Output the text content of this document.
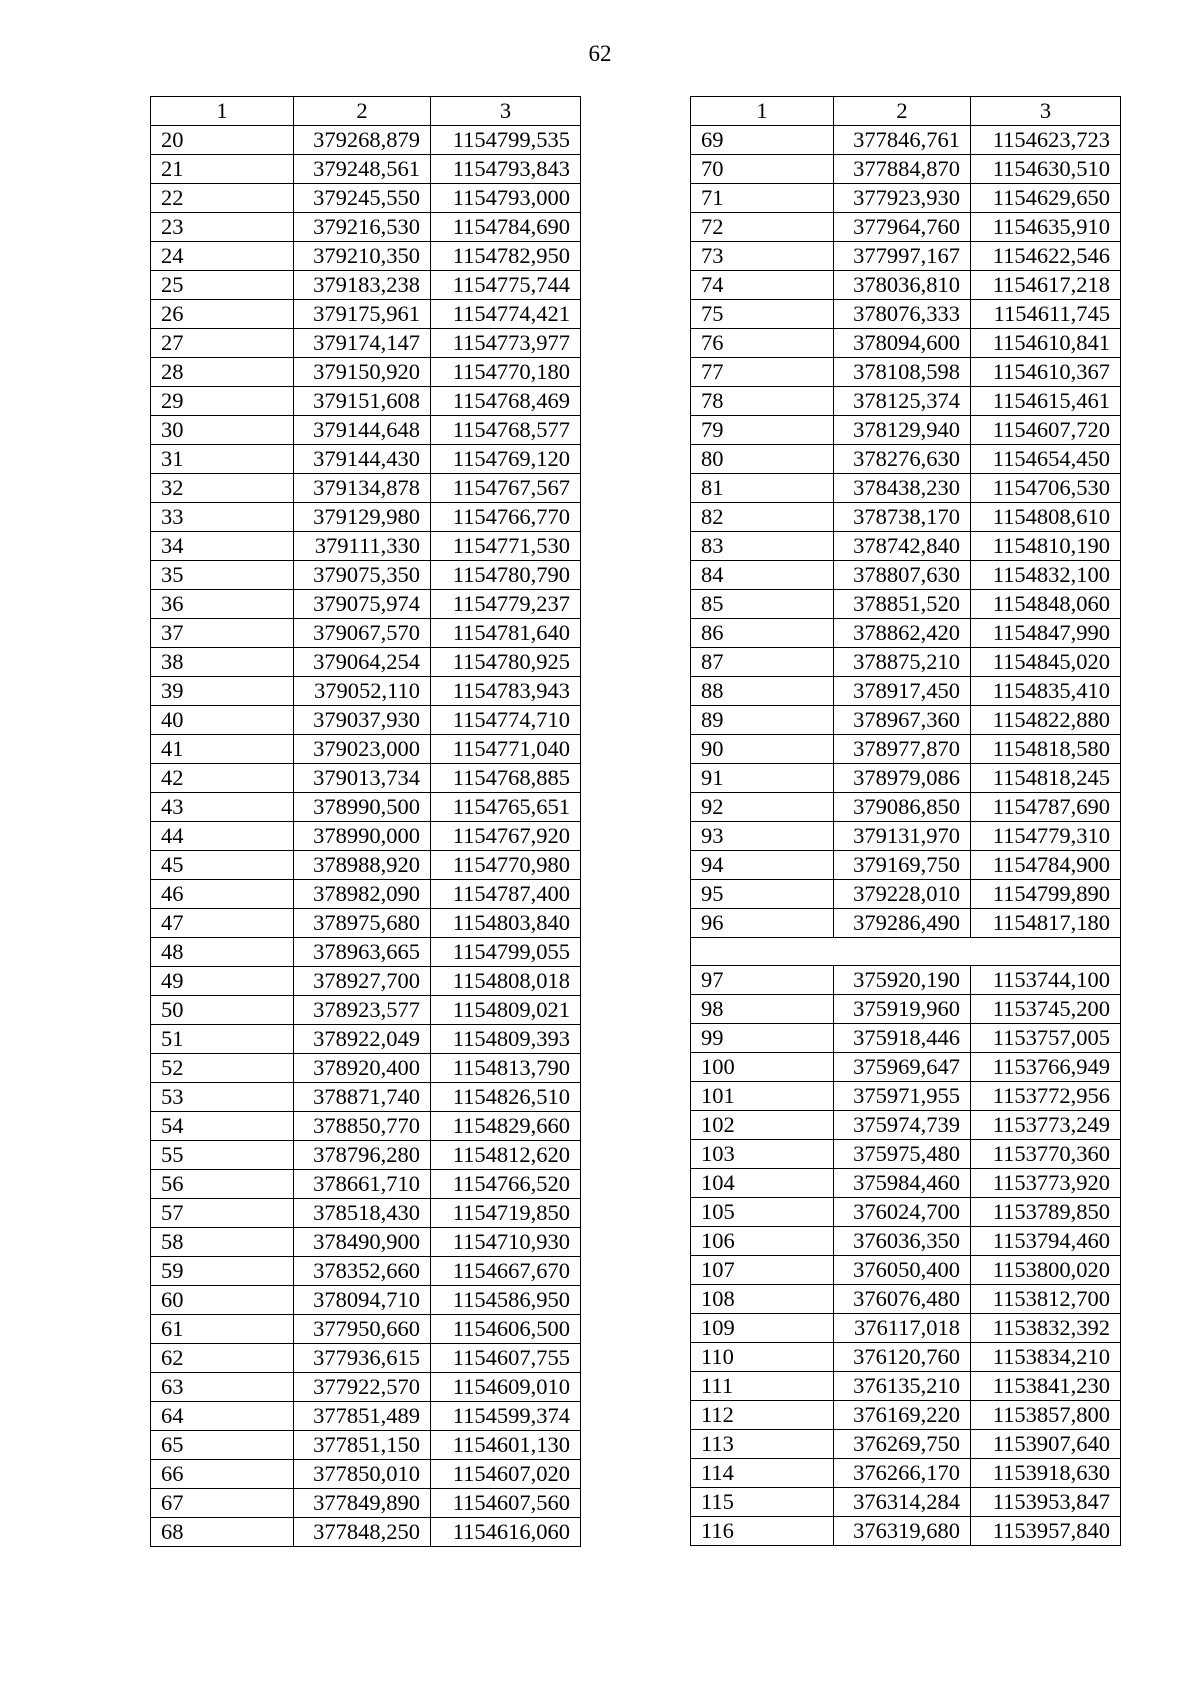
62
1	2	3
20	379268,879	1154799,535
21	379248,561	1154793,843
22	379245,550	1154793,000
23	379216,530	1154784,690
24	379210,350	1154782,950
25	379183,238	1154775,744
26	379175,961	1154774,421
27	379174,147	1154773,977
28	379150,920	1154770,180
29	379151,608	1154768,469
30	379144,648	1154768,577
31	379144,430	1154769,120
32	379134,878	1154767,567
33	379129,980	1154766,770
34	379111,330	1154771,530
35	379075,350	1154780,790
36	379075,974	1154779,237
37	379067,570	1154781,640
38	379064,254	1154780,925
39	379052,110	1154783,943
40	379037,930	1154774,710
41	379023,000	1154771,040
42	379013,734	1154768,885
43	378990,500	1154765,651
44	378990,000	1154767,920
45	378988,920	1154770,980
46	378982,090	1154787,400
47	378975,680	1154803,840
48	378963,665	1154799,055
49	378927,700	1154808,018
50	378923,577	1154809,021
51	378922,049	1154809,393
52	378920,400	1154813,790
53	378871,740	1154826,510
54	378850,770	1154829,660
55	378796,280	1154812,620
56	378661,710	1154766,520
57	378518,430	1154719,850
58	378490,900	1154710,930
59	378352,660	1154667,670
60	378094,710	1154586,950
61	377950,660	1154606,500
62	377936,615	1154607,755
63	377922,570	1154609,010
64	377851,489	1154599,374
65	377851,150	1154601,130
66	377850,010	1154607,020
67	377849,890	1154607,560
68	377848,250	1154616,060
1	2	3
69	377846,761	1154623,723
70	377884,870	1154630,510
71	377923,930	1154629,650
72	377964,760	1154635,910
73	377997,167	1154622,546
74	378036,810	1154617,218
75	378076,333	1154611,745
76	378094,600	1154610,841
77	378108,598	1154610,367
78	378125,374	1154615,461
79	378129,940	1154607,720
80	378276,630	1154654,450
81	378438,230	1154706,530
82	378738,170	1154808,610
83	378742,840	1154810,190
84	378807,630	1154832,100
85	378851,520	1154848,060
86	378862,420	1154847,990
87	378875,210	1154845,020
88	378917,450	1154835,410
89	378967,360	1154822,880
90	378977,870	1154818,580
91	378979,086	1154818,245
92	379086,850	1154787,690
93	379131,970	1154779,310
94	379169,750	1154784,900
95	379228,010	1154799,890
96	379286,490	1154817,180

97	375920,190	1153744,100
98	375919,960	1153745,200
99	375918,446	1153757,005
100	375969,647	1153766,949
101	375971,955	1153772,956
102	375974,739	1153773,249
103	375975,480	1153770,360
104	375984,460	1153773,920
105	376024,700	1153789,850
106	376036,350	1153794,460
107	376050,400	1153800,020
108	376076,480	1153812,700
109	376117,018	1153832,392
110	376120,760	1153834,210
111	376135,210	1153841,230
112	376169,220	1153857,800
113	376269,750	1153907,640
114	376266,170	1153918,630
115	376314,284	1153953,847
116	376319,680	1153957,840
